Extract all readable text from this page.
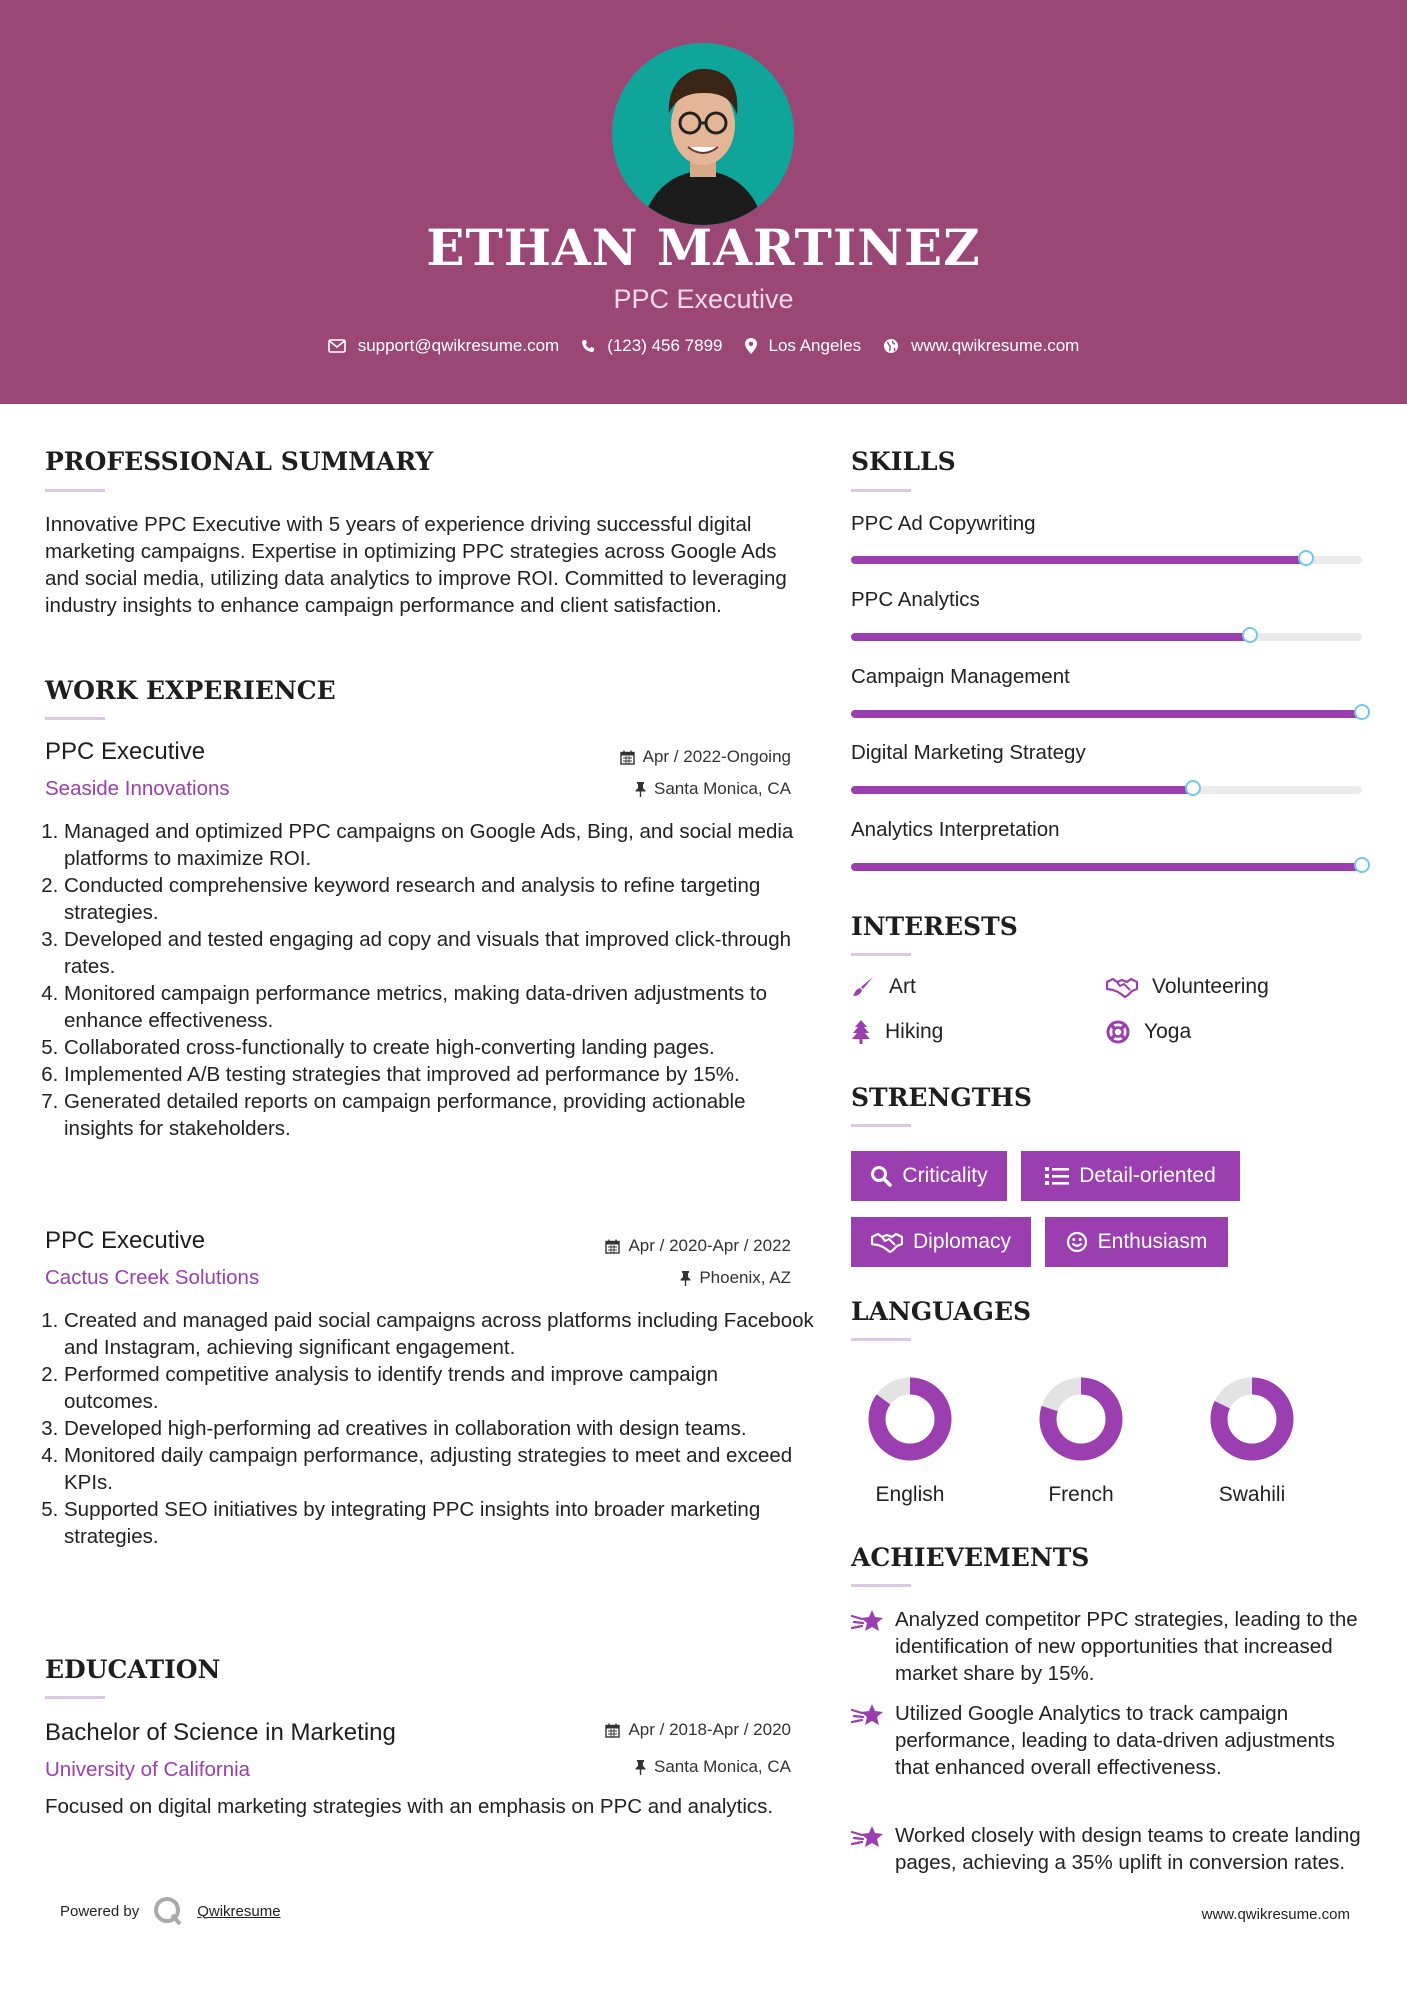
ETHAN MARTINEZ
PPC Executive
support@qwikresume.com	(123) 456 7899	Los Angeles	www.qwikresume.com
PROFESSIONAL SUMMARY
Innovative PPC Executive with 5 years of experience driving successful digital marketing campaigns. Expertise in optimizing PPC strategies across Google Ads and social media, utilizing data analytics to improve ROI. Committed to leveraging industry insights to enhance campaign performance and client satisfaction.
WORK EXPERIENCE
PPC Executive	Apr / 2022-Ongoing
Seaside Innovations	Santa Monica, CA
1. Managed and optimized PPC campaigns on Google Ads, Bing, and social media platforms to maximize ROI.
2. Conducted comprehensive keyword research and analysis to refine targeting strategies.
3. Developed and tested engaging ad copy and visuals that improved click-through rates.
4. Monitored campaign performance metrics, making data-driven adjustments to enhance effectiveness.
5. Collaborated cross-functionally to create high-converting landing pages.
6. Implemented A/B testing strategies that improved ad performance by 15%.
7. Generated detailed reports on campaign performance, providing actionable insights for stakeholders.
PPC Executive	Apr / 2020-Apr / 2022
Cactus Creek Solutions	Phoenix, AZ
1. Created and managed paid social campaigns across platforms including Facebook and Instagram, achieving significant engagement.
2. Performed competitive analysis to identify trends and improve campaign outcomes.
3. Developed high-performing ad creatives in collaboration with design teams.
4. Monitored daily campaign performance, adjusting strategies to meet and exceed KPIs.
5. Supported SEO initiatives by integrating PPC insights into broader marketing strategies.
EDUCATION
Bachelor of Science in Marketing	Apr / 2018-Apr / 2020
University of California	Santa Monica, CA
Focused on digital marketing strategies with an emphasis on PPC and analytics.
SKILLS
PPC Ad Copywriting
PPC Analytics
Campaign Management
Digital Marketing Strategy
Analytics Interpretation
INTERESTS
Art	Volunteering
Hiking	Yoga
STRENGTHS
Criticality	Detail-oriented
Diplomacy	Enthusiasm
LANGUAGES
English	French	Swahili
ACHIEVEMENTS
Analyzed competitor PPC strategies, leading to the identification of new opportunities that increased market share by 15%.
Utilized Google Analytics to track campaign performance, leading to data-driven adjustments that enhanced overall effectiveness.
Worked closely with design teams to create landing pages, achieving a 35% uplift in conversion rates.
Powered by	Qwikresume	www.qwikresume.com
